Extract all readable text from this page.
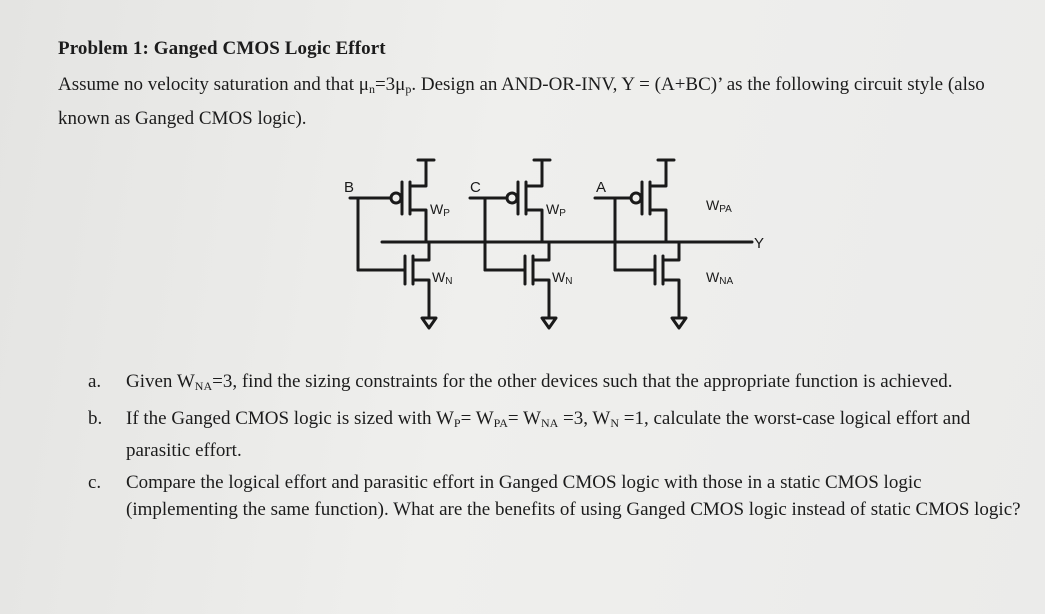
Problem 1: Ganged CMOS Logic Effort
Assume no velocity saturation and that $\mu_n=3\mu_p$. Design an AND-OR-INV, Y = (A+BC)’ as the following circuit style (also known as Ganged CMOS logic).
B	C	A
Y
WP	WP
WPA
WN	WN	WNA
a. Given $W_{NA}=3$, find the sizing constraints for the other devices such that the appropriate function is achieved.
b. If the Ganged CMOS logic is sized with $W_P= W_{PA}= W_{NA} =3$, $W_N =1$, calculate the worst-case logical effort and parasitic effort.
c. Compare the logical effort and parasitic effort in Ganged CMOS logic with those in a static CMOS logic (implementing the same function). What are the benefits of using Ganged CMOS logic instead of static CMOS logic?
